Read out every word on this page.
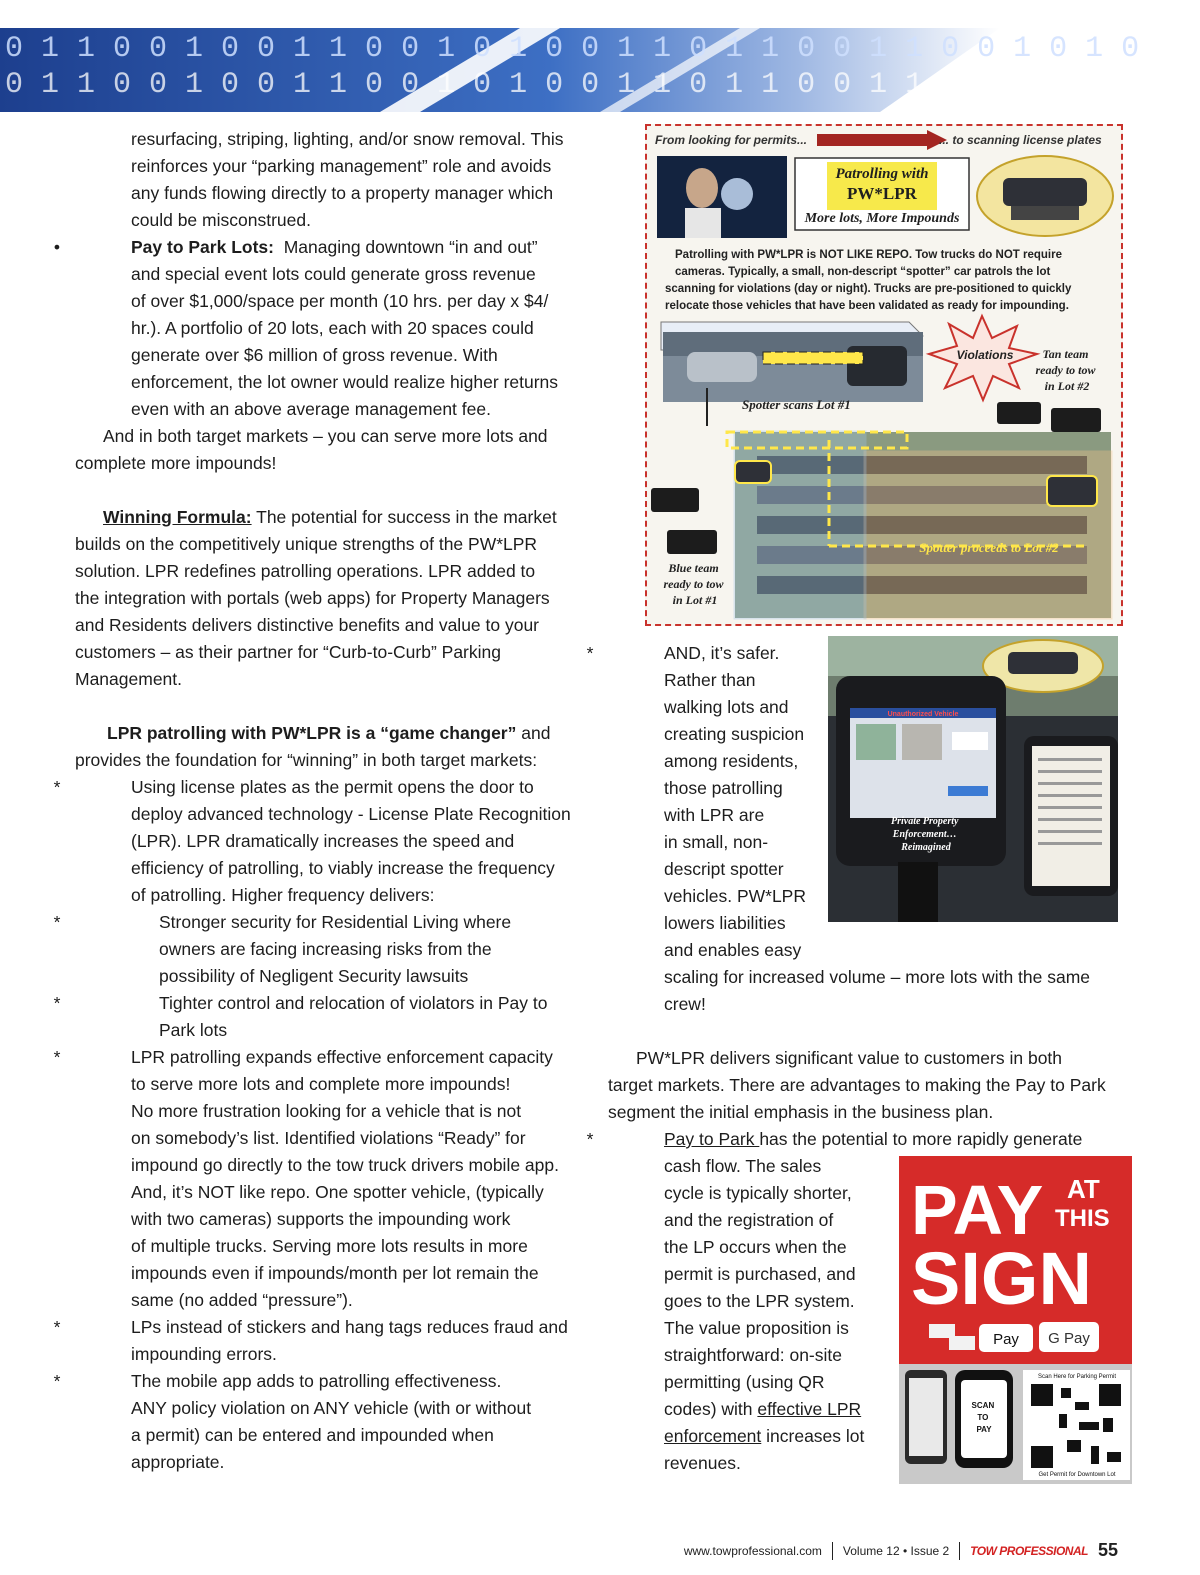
0 1 1 0 0 1 0 0 1 1 0 0 1 0 1 0 0 1 1 0 1 1 0 0 1 1 0 0 1 0 1 0
0 1 1 0 0 1 0 0 1 1 0 0 1 0 1 0 0 1 1 0 1 1 0 0 1 1 0 0 1 0 1 0

resurfacing, striping, lighting, and/or snow removal. This

reinforces your “parking management” role and avoids

any funds flowing directly to a property manager which

could be misconstrued.

•	Pay to Park Lots: Managing downtown “in and out”

and special event lots could generate gross revenue

of over $1,000/space per month (10 hrs. per day x $4/

hr.). A portfolio of 20 lots, each with 20 spaces could

generate over $6 million of gross revenue. With

enforcement, the lot owner would realize higher returns

even with an above average management fee.

And in both target markets – you can serve more lots and

complete more impounds!

Winning Formula: The potential for success in the market

builds on the competitively unique strengths of the PW*LPR

solution. LPR redefines patrolling operations. LPR added to

the integration with portals (web apps) for Property Managers

and Residents delivers distinctive benefits and value to your

customers – as their partner for “Curb-to-Curb” Parking

Management.

LPR patrolling with PW*LPR is a “game changer” and

provides the foundation for “winning” in both target markets:

*	Using license plates as the permit opens the door to

deploy advanced technology - License Plate Recognition

(LPR). LPR dramatically increases the speed and

efficiency of patrolling, to viably increase the frequency

of patrolling. Higher frequency delivers:

*	Stronger security for Residential Living where

owners are facing increasing risks from the

possibility of Negligent Security lawsuits

*	Tighter control and relocation of violators in Pay to

Park lots

*	LPR patrolling expands effective enforcement capacity

to serve more lots and complete more impounds!

No more frustration looking for a vehicle that is not

on somebody’s list. Identified violations “Ready” for

impound go directly to the tow truck drivers mobile app.

And, it’s NOT like repo. One spotter vehicle, (typically

with two cameras) supports the impounding work

of multiple trucks. Serving more lots results in more

impounds even if impounds/month per lot remain the

same (no added “pressure”).

*	LPs instead of stickers and hang tags reduces fraud and

impounding errors.

*	The mobile app adds to patrolling effectiveness.

ANY policy violation on ANY vehicle (with or without

a permit) can be entered and impounded when

appropriate.

From looking for permits...	... to scanning license plates
Patrolling with
PW*LPR
More lots, More Impounds
Patrolling with PW*LPR is NOT LIKE REPO. Tow trucks do NOT require cameras. Typically, a small, non-descript “spotter” car patrols the lot scanning for violations (day or night). Trucks are pre-positioned to quickly relocate those vehicles that have been validated as ready for impounding.
Violations	Tan team ready to tow in Lot #2
Spotter scans Lot #1
Spotter proceeds to Lot #2
Blue team ready to tow in Lot #1
Unauthorized Vehicle
Private Property Enforcement… Reimagined
*	AND, it’s safer.

Rather than

walking lots and

creating suspicion

among residents,

those patrolling

with LPR are

in small, non-

descript spotter

vehicles. PW*LPR

lowers liabilities

and enables easy

scaling for increased volume – more lots with the same

crew!

PW*LPR delivers significant value to customers in both

target markets. There are advantages to making the Pay to Park

segment the initial emphasis in the business plan.

*	Pay to Park has the potential to more rapidly generate

cash flow. The sales

cycle is typically shorter,

and the registration of

the LP occurs when the

permit is purchased, and

goes to the LPR system.

The value proposition is

straightforward: on-site

permitting (using QR

codes) with effective LPR

enforcement increases lot

revenues.

PAY AT
THIS
SIGN
Pay G Pay
Scan Here for Parking Permit
Get Permit for Downtown Lot
SCAN TO PAY
www.towprofessional.com Volume 12 • Issue 2 TOW PROFESSIONAL 55
